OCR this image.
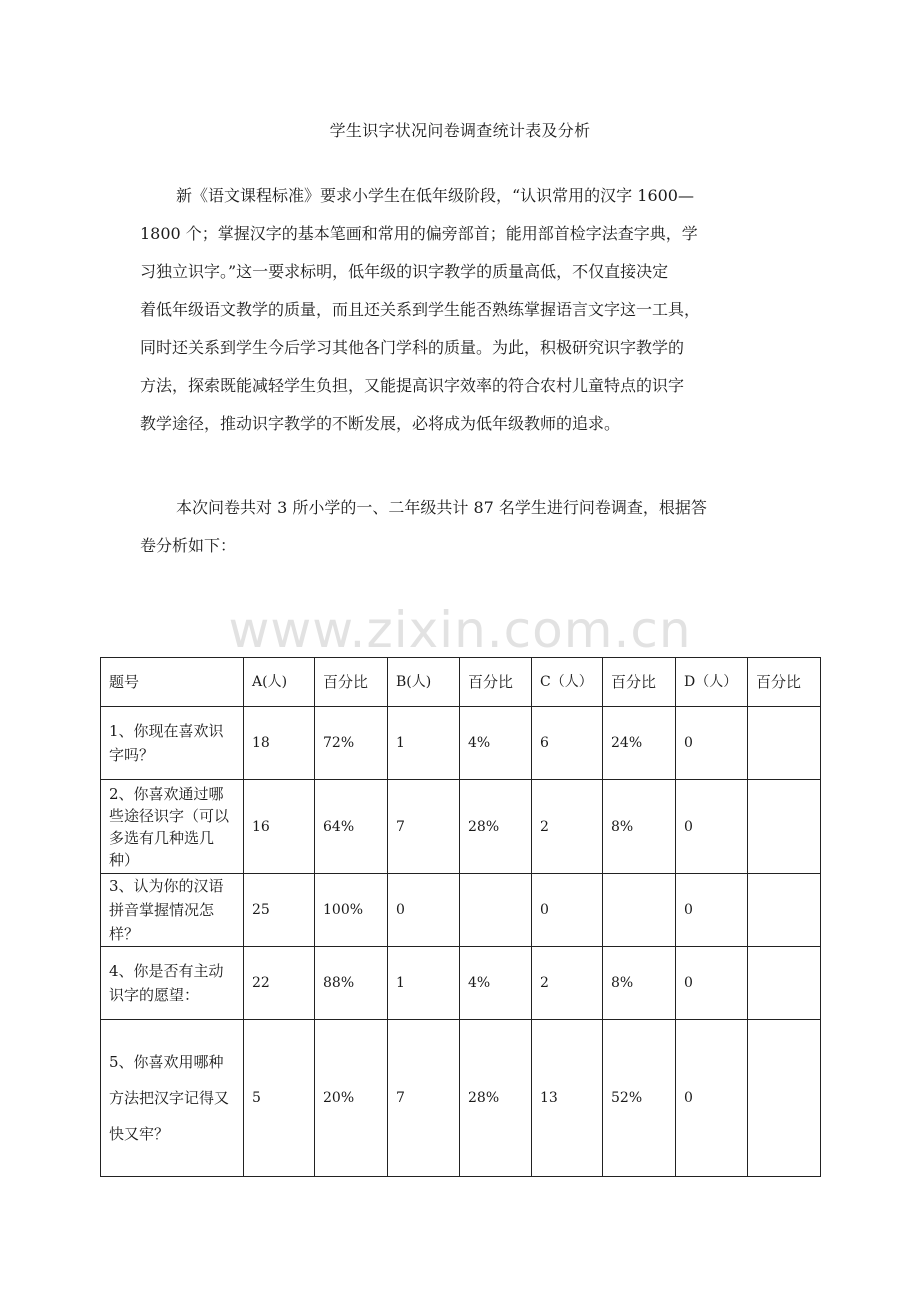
学生识字状况问卷调查统计表及分析
新《语文课程标准》要求小学生在低年级阶段，“认识常用的汉字 1600—
1800 个；掌握汉字的基本笔画和常用的偏旁部首；能用部首检字法查字典，学
习独立识字。”这一要求标明，低年级的识字教学的质量高低，不仅直接决定
着低年级语文教学的质量，而且还关系到学生能否熟练掌握语言文字这一工具，
同时还关系到学生今后学习其他各门学科的质量。为此，积极研究识字教学的
方法，探索既能减轻学生负担，又能提高识字效率的符合农村儿童特点的识字
教学途径，推动识字教学的不断发展，必将成为低年级教师的追求。
本次问卷共对 3 所小学的一、二年级共计 87 名学生进行问卷调查，根据答
卷分析如下：
www.zixin.com.cn
题号	A(人)	百分比	B(人)	百分比	C（人）	百分比	D（人）	百分比
1、你现在喜欢识字吗？	18	72%	1	4%	6	24%	0	
2、你喜欢通过哪些途径识字（可以多选有几种选几种）	16	64%	7	28%	2	8%	0	
3、认为你的汉语拼音掌握情况怎样？	25	100%	0		0		0	
4、你是否有主动识字的愿望：	22	88%	1	4%	2	8%	0	
5、你喜欢用哪种方法把汉字记得又快又牢？	5	20%	7	28%	13	52%	0	
